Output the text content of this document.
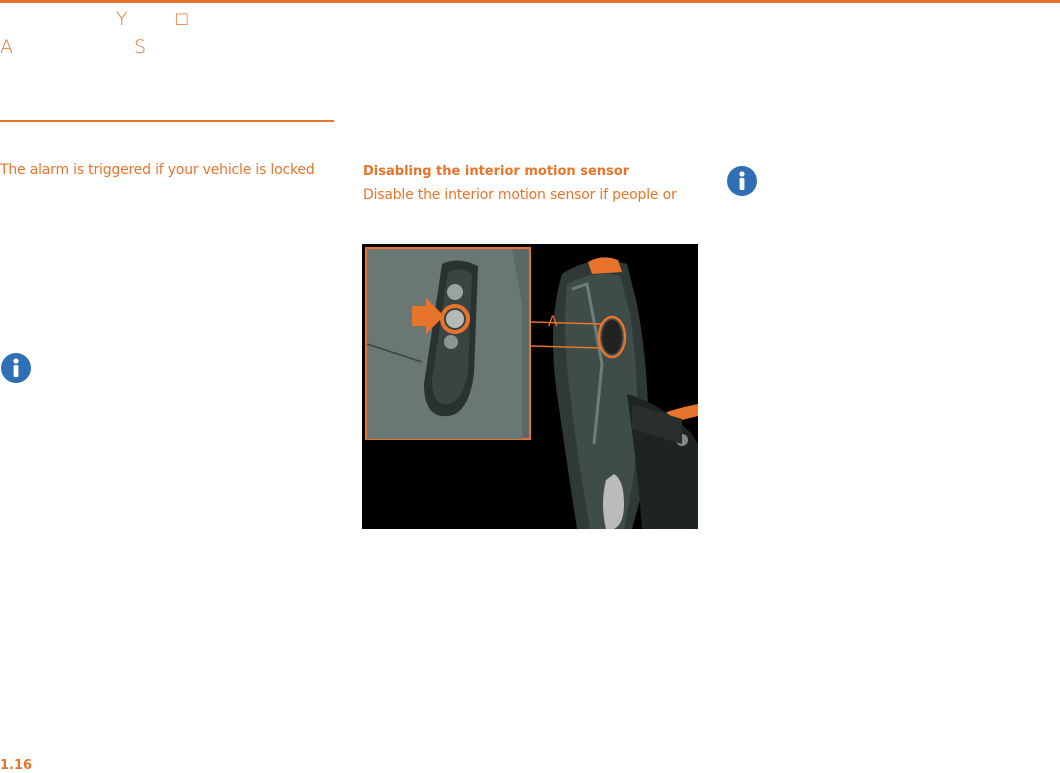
Y	□
A	S
The alarm is triggered if your vehicle is locked	Disabling the interior motion sensor
Disable the interior motion sensor if people or
A
1.16
